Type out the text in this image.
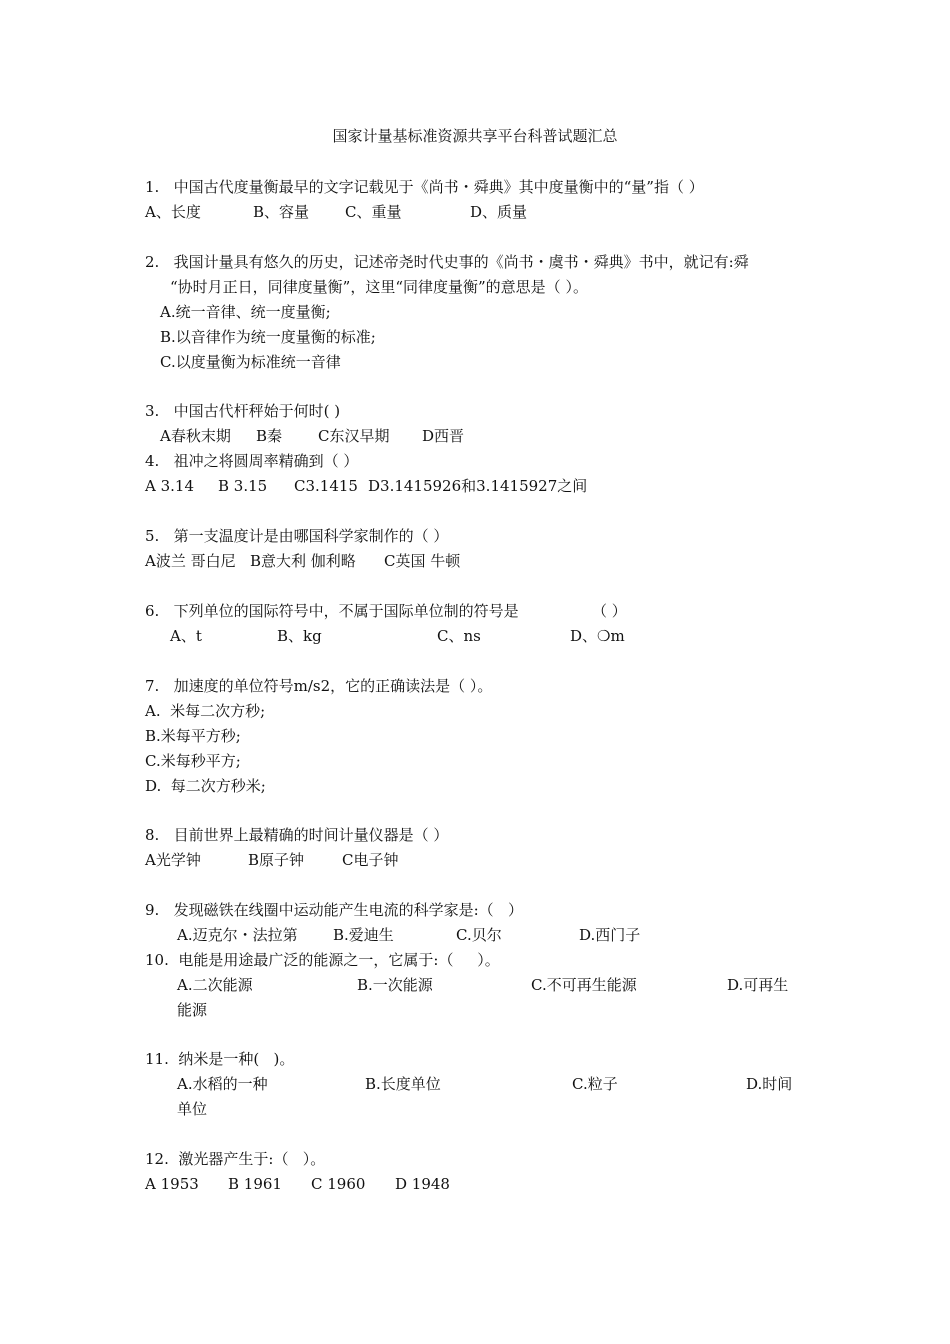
国家计量基标准资源共享平台科普试题汇总

1.   中国古代度量衡最早的文字记载见于《尚书・舜典》其中度量衡中的“量”指（ ）

A、长度	B、容量 C、重量	D、质量

2.   我国计量具有悠久的历史，记述帝尧时代史事的《尚书・虞书・舜典》书中，就记有:舜

“协时月正日，同律度量衡”，这里“同律度量衡”的意思是（ ）。

A.统一音律、统一度量衡;

B.以音律作为统一度量衡的标准;

C.以度量衡为标准统一音律

3.   中国古代杆秤始于何时( )

A春秋末期 B秦 C东汉早期 D西晋

4.   祖冲之将圆周率精确到（ ）

A 3.14 B 3.15 C3.1415 D3.1415926和3.1415927之间

5.   第一支温度计是由哪国科学家制作的（ ）

A波兰 哥白尼 B意大利 伽利略 C英国 牛顿

6.   下列单位的国际符号中，不属于国际单位制的符号是	（ ）

A、t	B、kg	C、ns	D、❍m

7.   加速度的单位符号m/s2，它的正确读法是（ ）。

A.  米每二次方秒;

B.米每平方秒;

C.米每秒平方;

D.  每二次方秒米;

8.   目前世界上最精确的时间计量仪器是（ ）

A光学钟	B原子钟	C电子钟

9.   发现磁铁在线圈中运动能产生电流的科学家是:（   ）

A.迈克尔・法拉第 B.爱迪生	C.贝尔	D.西门子

10.  电能是用途最广泛的能源之一，它属于:（     ）。

A.二次能源	B.一次能源	C.不可再生能源	D.可再生

能源

11.  纳米是一种(   )。

A.水稻的一种	B.长度单位	C.粒子	D.时间

单位

12.  激光器产生于:（   ）。

A 1953 B 1961 C 1960 D 1948
